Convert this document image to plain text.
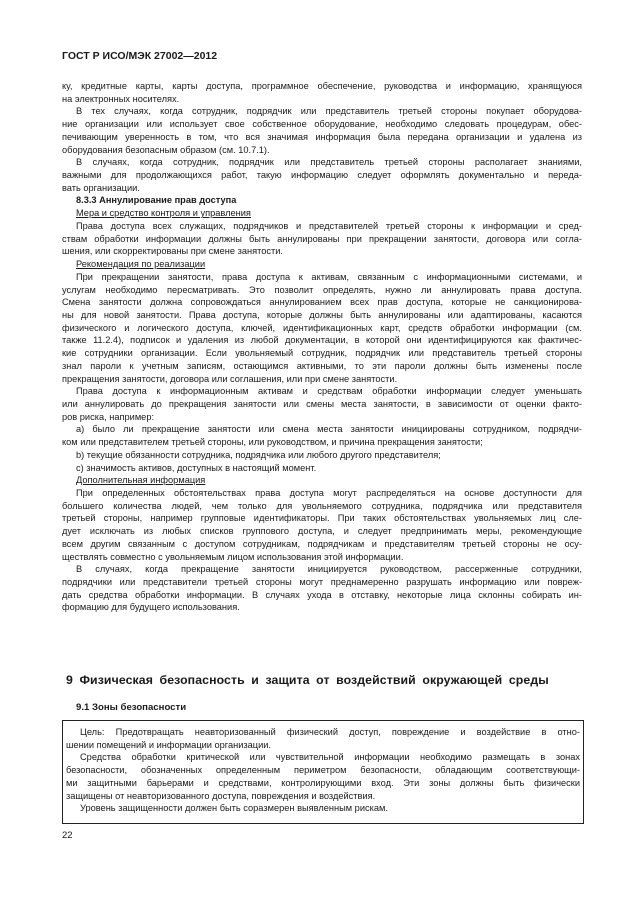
ГОСТ Р ИСО/МЭК 27002—2012
ку, кредитные карты, карты доступа, программное обеспечение, руководства и информацию, хранящуюся
на электронных носителях.
В тех случаях, когда сотрудник, подрядчик или представитель третьей стороны покупает оборудова-
ние организации или использует свое собственное оборудование, необходимо следовать процедурам, обес-
печивающим уверенность в том, что вся значимая информация была передана организации и удалена из
оборудования безопасным образом (см. 10.7.1).
В случаях, когда сотрудник, подрядчик или представитель третьей стороны располагает знаниями,
важными для продолжающихся работ, такую информацию следует оформлять документально и переда-
вать организации.
8.3.3 Аннулирование прав доступа
Мера и средство контроля и управления
Права доступа всех служащих, подрядчиков и представителей третьей стороны к информации и сред-
ствам обработки информации должны быть аннулированы при прекращении занятости, договора или согла-
шения, или скорректированы при смене занятости.
Рекомендация по реализации
При прекращении занятости, права доступа к активам, связанным с информационными системами, и
услугам необходимо пересматривать. Это позволит определять, нужно ли аннулировать права доступа.
Смена занятости должна сопровождаться аннулированием всех прав доступа, которые не санкционирова-
ны для новой занятости. Права доступа, которые должны быть аннулированы или адаптированы, касаются
физического и логического доступа, ключей, идентификационных карт, средств обработки информации (см.
также 11.2.4), подписок и удаления из любой документации, в которой они идентифицируются как фактичес-
кие сотрудники организации. Если увольняемый сотрудник, подрядчик или представитель третьей стороны
знал пароли к учетным записям, остающимся активными, то эти пароли должны быть изменены после
прекращения занятости, договора или соглашения, или при смене занятости.
Права доступа к информационным активам и средствам обработки информации следует уменьшать
или аннулировать до прекращения занятости или смены места занятости, в зависимости от оценки факто-
ров риска, например:
a) было ли прекращение занятости или смена места занятости инициированы сотрудником, подрядчи-
ком или представителем третьей стороны, или руководством, и причина прекращения занятости;
b) текущие обязанности сотрудника, подрядчика или любого другого представителя;
c) значимость активов, доступных в настоящий момент.
Дополнительная информация
При определенных обстоятельствах права доступа могут распределяться на основе доступности для
большего количества людей, чем только для увольняемого сотрудника, подрядчика или представителя
третьей стороны, например групповые идентификаторы. При таких обстоятельствах увольняемых лиц сле-
дует исключать из любых списков группового доступа, и следует предпринимать меры, рекомендующие
всем другим связанным с доступом сотрудникам, подрядчикам и представителям третьей стороны не осу-
ществлять совместно с увольняемым лицом использования этой информации.
В случаях, когда прекращение занятости инициируется руководством, рассерженные сотрудники,
подрядчики или представители третьей стороны могут преднамеренно разрушать информацию или повреж-
дать средства обработки информации. В случаях ухода в отставку, некоторые лица склонны собирать ин-
формацию для будущего использования.
9 Физическая безопасность и защита от воздействий окружающей среды
9.1 Зоны безопасности
Цель: Предотвращать неавторизованный физический доступ, повреждение и воздействие в отно-
шении помещений и информации организации.
Средства обработки критической или чувствительной информации необходимо размещать в зонах
безопасности, обозначенных определенным периметром безопасности, обладающим соответствующи-
ми защитными барьерами и средствами, контролирующими вход. Эти зоны должны быть физически
защищены от неавторизованного доступа, повреждения и воздействия.
Уровень защищенности должен быть соразмерен выявленным рискам.
22
